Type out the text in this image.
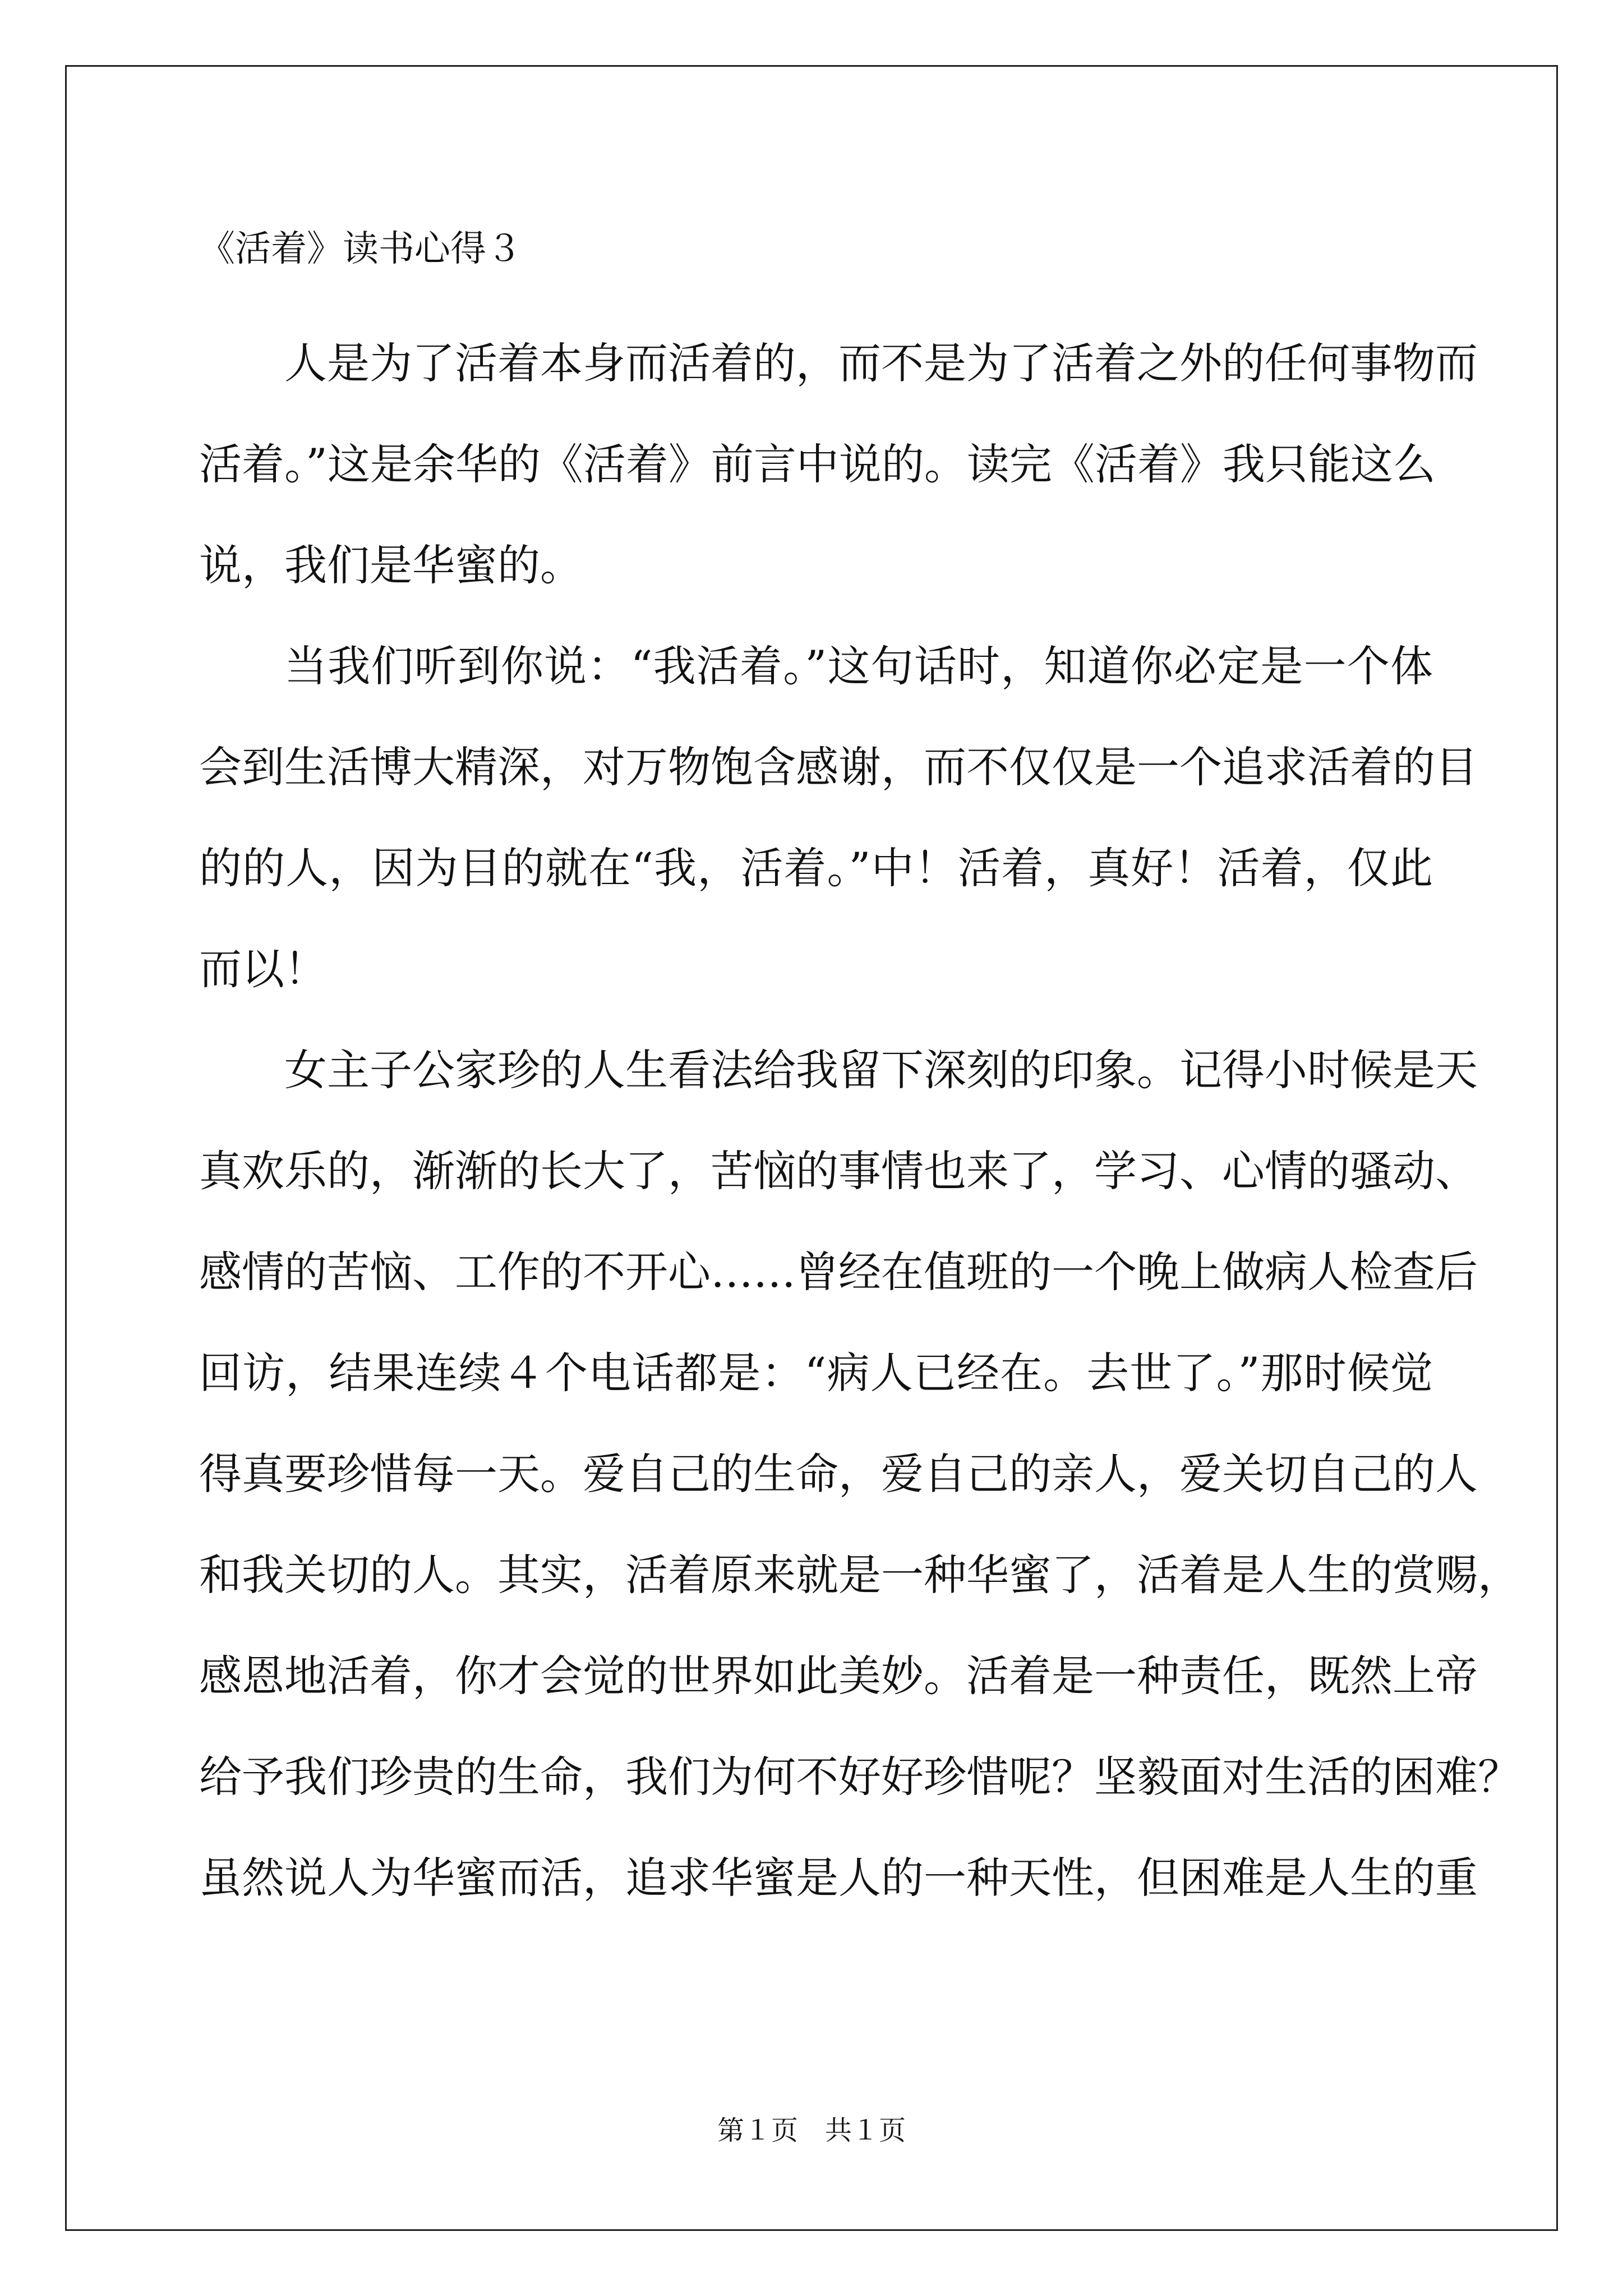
《活着》读书心得３
人是为了活着本身而活着的，而不是为了活着之外的任何事物而
活着。”这是余华的《活着》前言中说的。读完《活着》我只能这么
说，我们是华蜜的。
当我们听到你说：“我活着。”这句话时，知道你必定是一个体
会到生活博大精深，对万物饱含感谢，而不仅仅是一个追求活着的目
的的人，因为目的就在“我，活着。”中！活着，真好！活着，仅此
而以！
女主子公家珍的人生看法给我留下深刻的印象。记得小时候是天
真欢乐的，渐渐的长大了，苦恼的事情也来了，学习、心情的骚动、
感情的苦恼、工作的不开心……曾经在值班的一个晚上做病人检查后
回访，结果连续４个电话都是：“病人已经在。去世了。”那时候觉
得真要珍惜每一天。爱自己的生命，爱自己的亲人，爱关切自己的人
和我关切的人。其实，活着原来就是一种华蜜了，活着是人生的赏赐，
感恩地活着，你才会觉的世界如此美妙。活着是一种责任，既然上帝
给予我们珍贵的生命，我们为何不好好珍惜呢？坚毅面对生活的困难？
虽然说人为华蜜而活，追求华蜜是人的一种天性，但困难是人生的重
第１页　共１页
